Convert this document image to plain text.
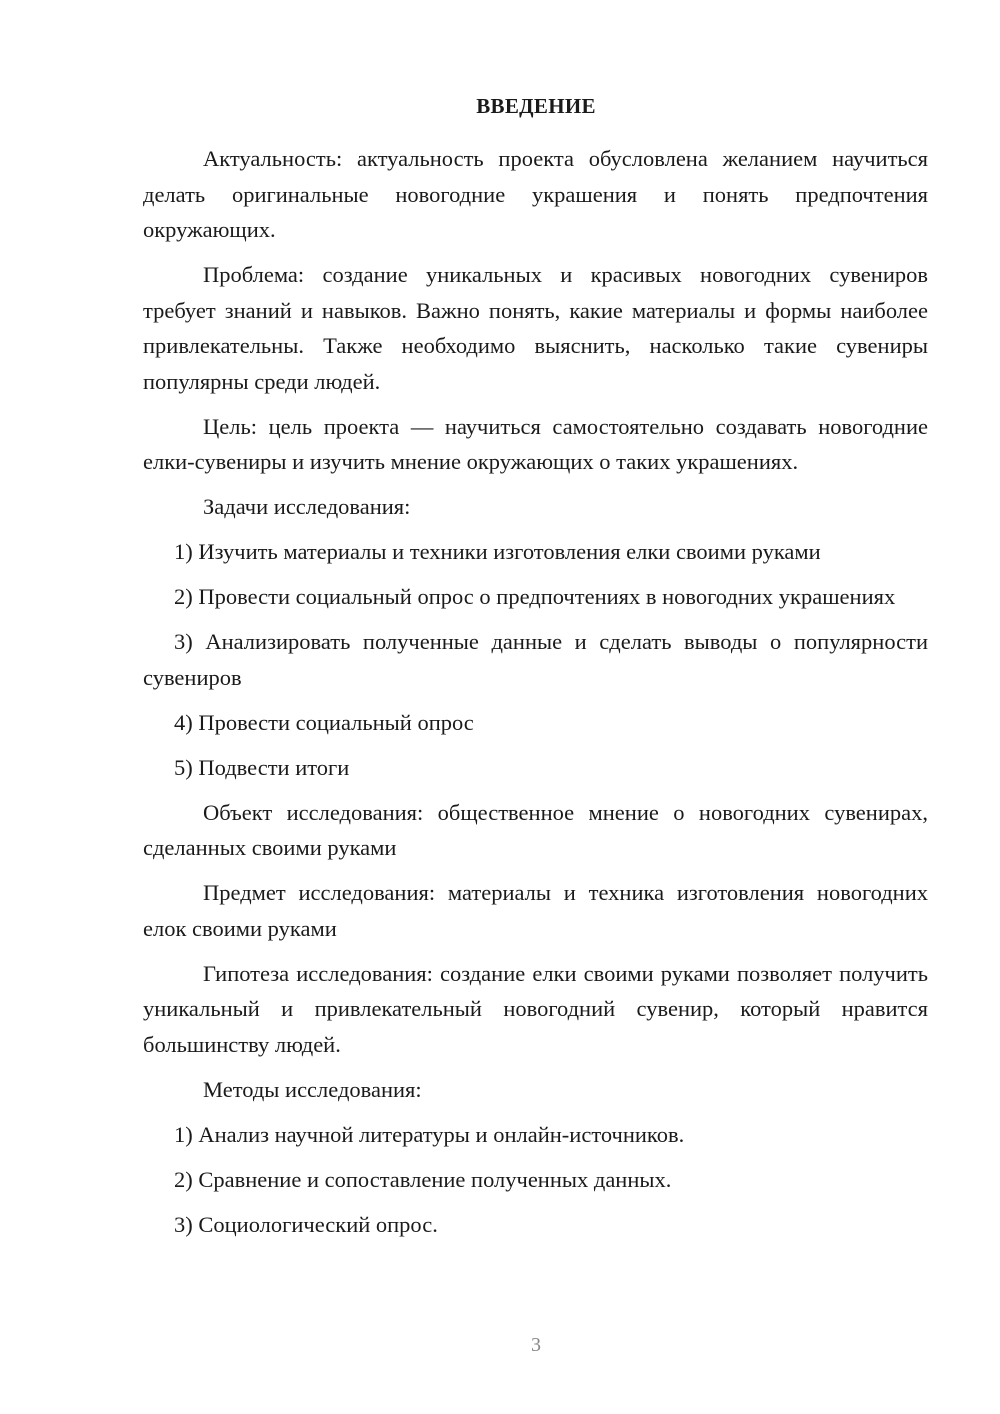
ВВЕДЕНИЕ

Актуальность: актуальность проекта обусловлена желанием научиться делать оригинальные новогодние украшения и понять предпочтения окружающих.

Проблема: создание уникальных и красивых новогодних сувениров требует знаний и навыков. Важно понять, какие материалы и формы наиболее привлекательны. Также необходимо выяснить, насколько такие сувениры популярны среди людей.

Цель: цель проекта — научиться самостоятельно создавать новогодние елки-сувениры и изучить мнение окружающих о таких украшениях.

Задачи исследования:

1) Изучить материалы и техники изготовления елки своими руками

2) Провести социальный опрос о предпочтениях в новогодних украшениях

3) Анализировать полученные данные и сделать выводы о популярности сувениров

4) Провести социальный опрос

5) Подвести итоги

Объект исследования: общественное мнение о новогодних сувенирах, сделанных своими руками

Предмет исследования: материалы и техника изготовления новогодних елок своими руками

Гипотеза исследования: создание елки своими руками позволяет получить уникальный и привлекательный новогодний сувенир, который нравится большинству людей.

Методы исследования:

1) Анализ научной литературы и онлайн-источников.

2) Сравнение и сопоставление полученных данных.

3) Социологический опрос.

3
